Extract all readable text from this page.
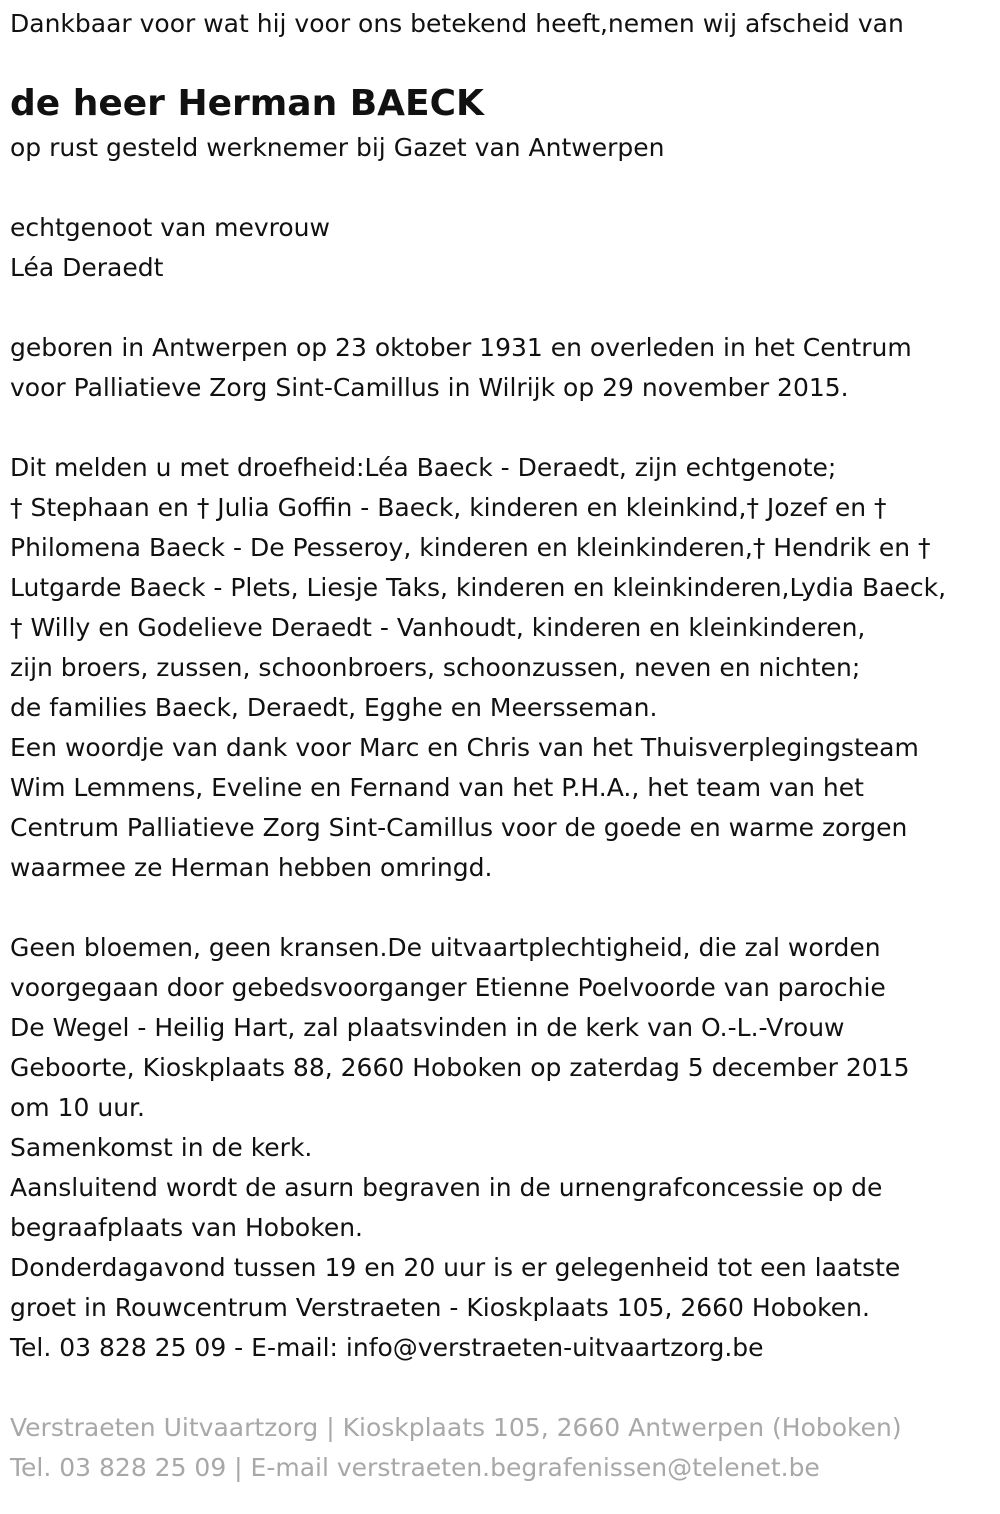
Dankbaar voor wat hij voor ons betekend heeft,nemen wij afscheid van
de heer Herman BAECK
op rust gesteld werknemer bij Gazet van Antwerpen
echtgenoot van mevrouw
Léa Deraedt
geboren in Antwerpen op 23 oktober 1931 en overleden in het Centrum
voor Palliatieve Zorg Sint-Camillus in Wilrijk op 29 november 2015.
Dit melden u met droefheid:Léa Baeck - Deraedt, zijn echtgenote;
† Stephaan en † Julia Goffin - Baeck, kinderen en kleinkind,† Jozef en †
Philomena Baeck - De Pesseroy, kinderen en kleinkinderen,† Hendrik en †
Lutgarde Baeck - Plets, Liesje Taks, kinderen en kleinkinderen,Lydia Baeck,
† Willy en Godelieve Deraedt - Vanhoudt, kinderen en kleinkinderen,
zijn broers, zussen, schoonbroers, schoonzussen, neven en nichten;
de families Baeck, Deraedt, Egghe en Meersseman.
Een woordje van dank voor Marc en Chris van het Thuisverplegingsteam
Wim Lemmens, Eveline en Fernand van het P.H.A., het team van het
Centrum Palliatieve Zorg Sint-Camillus voor de goede en warme zorgen
waarmee ze Herman hebben omringd.
Geen bloemen, geen kransen.De uitvaartplechtigheid, die zal worden
voorgegaan door gebedsvoorganger Etienne Poelvoorde van parochie
De Wegel - Heilig Hart, zal plaatsvinden in de kerk van O.-L.-Vrouw
Geboorte, Kioskplaats 88, 2660 Hoboken op zaterdag 5 december 2015
om 10 uur.
Samenkomst in de kerk.
Aansluitend wordt de asurn begraven in de urnengrafconcessie op de
begraafplaats van Hoboken.
Donderdagavond tussen 19 en 20 uur is er gelegenheid tot een laatste
groet in Rouwcentrum Verstraeten - Kioskplaats 105, 2660 Hoboken.
Tel. 03 828 25 09 - E-mail: info@verstraeten-uitvaartzorg.be
Verstraeten Uitvaartzorg | Kioskplaats 105, 2660 Antwerpen (Hoboken)
Tel. 03 828 25 09 | E-mail verstraeten.begrafenissen@telenet.be
